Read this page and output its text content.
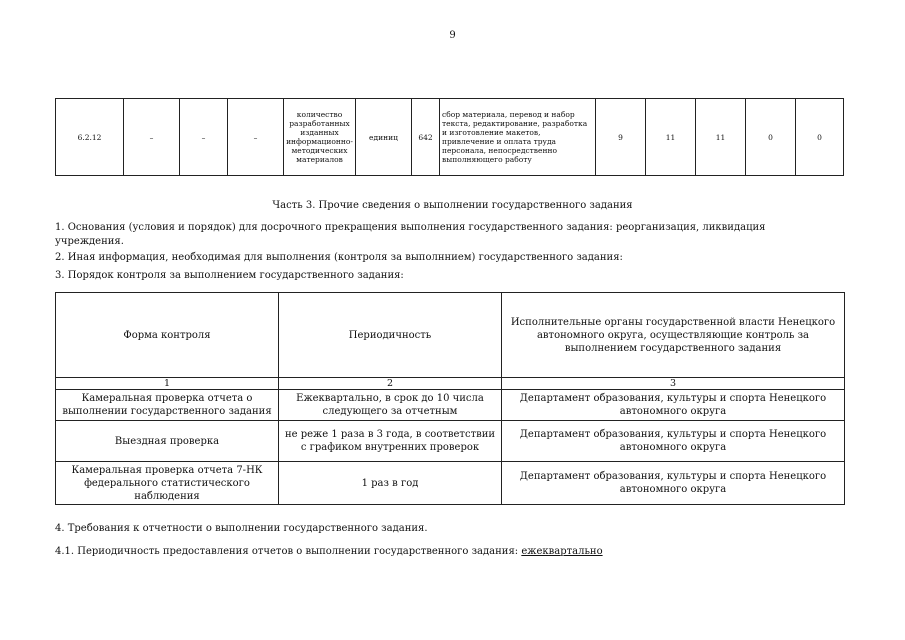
9
6.2.12	–	–	–	количество разработанных изданных информационно-методических материалов	единиц	642	сбор материала, перевод и набор текста, редактирование, разработка и изготовление макетов, привлечение и оплата труда персонала, непосредственно выполняющего работу	9	11	11	0	0
Часть 3. Прочие сведения о выполнении государственного задания
1. Основания (условия и порядок) для досрочного прекращения выполнения государственного задания: реорганизация, ликвидация
учреждения.
2. Иная информация, необходимая для выполнения (контроля за выполннием) государственного задания:
3. Порядок контроля за выполнением государственного задания:
Форма контроля	Периодичность	Исполнительные органы государственной власти Ненецкого автономного округа, осуществляющие контроль за выполнением государственного задания
1	2	3
Камеральная проверка отчета о выполнении государственного задания	Ежеквартально, в срок до 10 числа следующего за отчетным	Департамент образования, культуры и спорта Ненецкого автономного округа
Выездная проверка	не реже 1 раза в 3 года, в соответствии с графиком внутренних проверок	Департамент образования, культуры и спорта Ненецкого автономного округа
Камеральная проверка отчета 7-НК федерального статистического наблюдения	1 раз в год	Департамент образования, культуры и спорта Ненецкого автономного округа
4. Требования к отчетности о выполнении государственного задания.
4.1. Периодичность предоставления отчетов о выполнении государственного задания: ежеквартально
